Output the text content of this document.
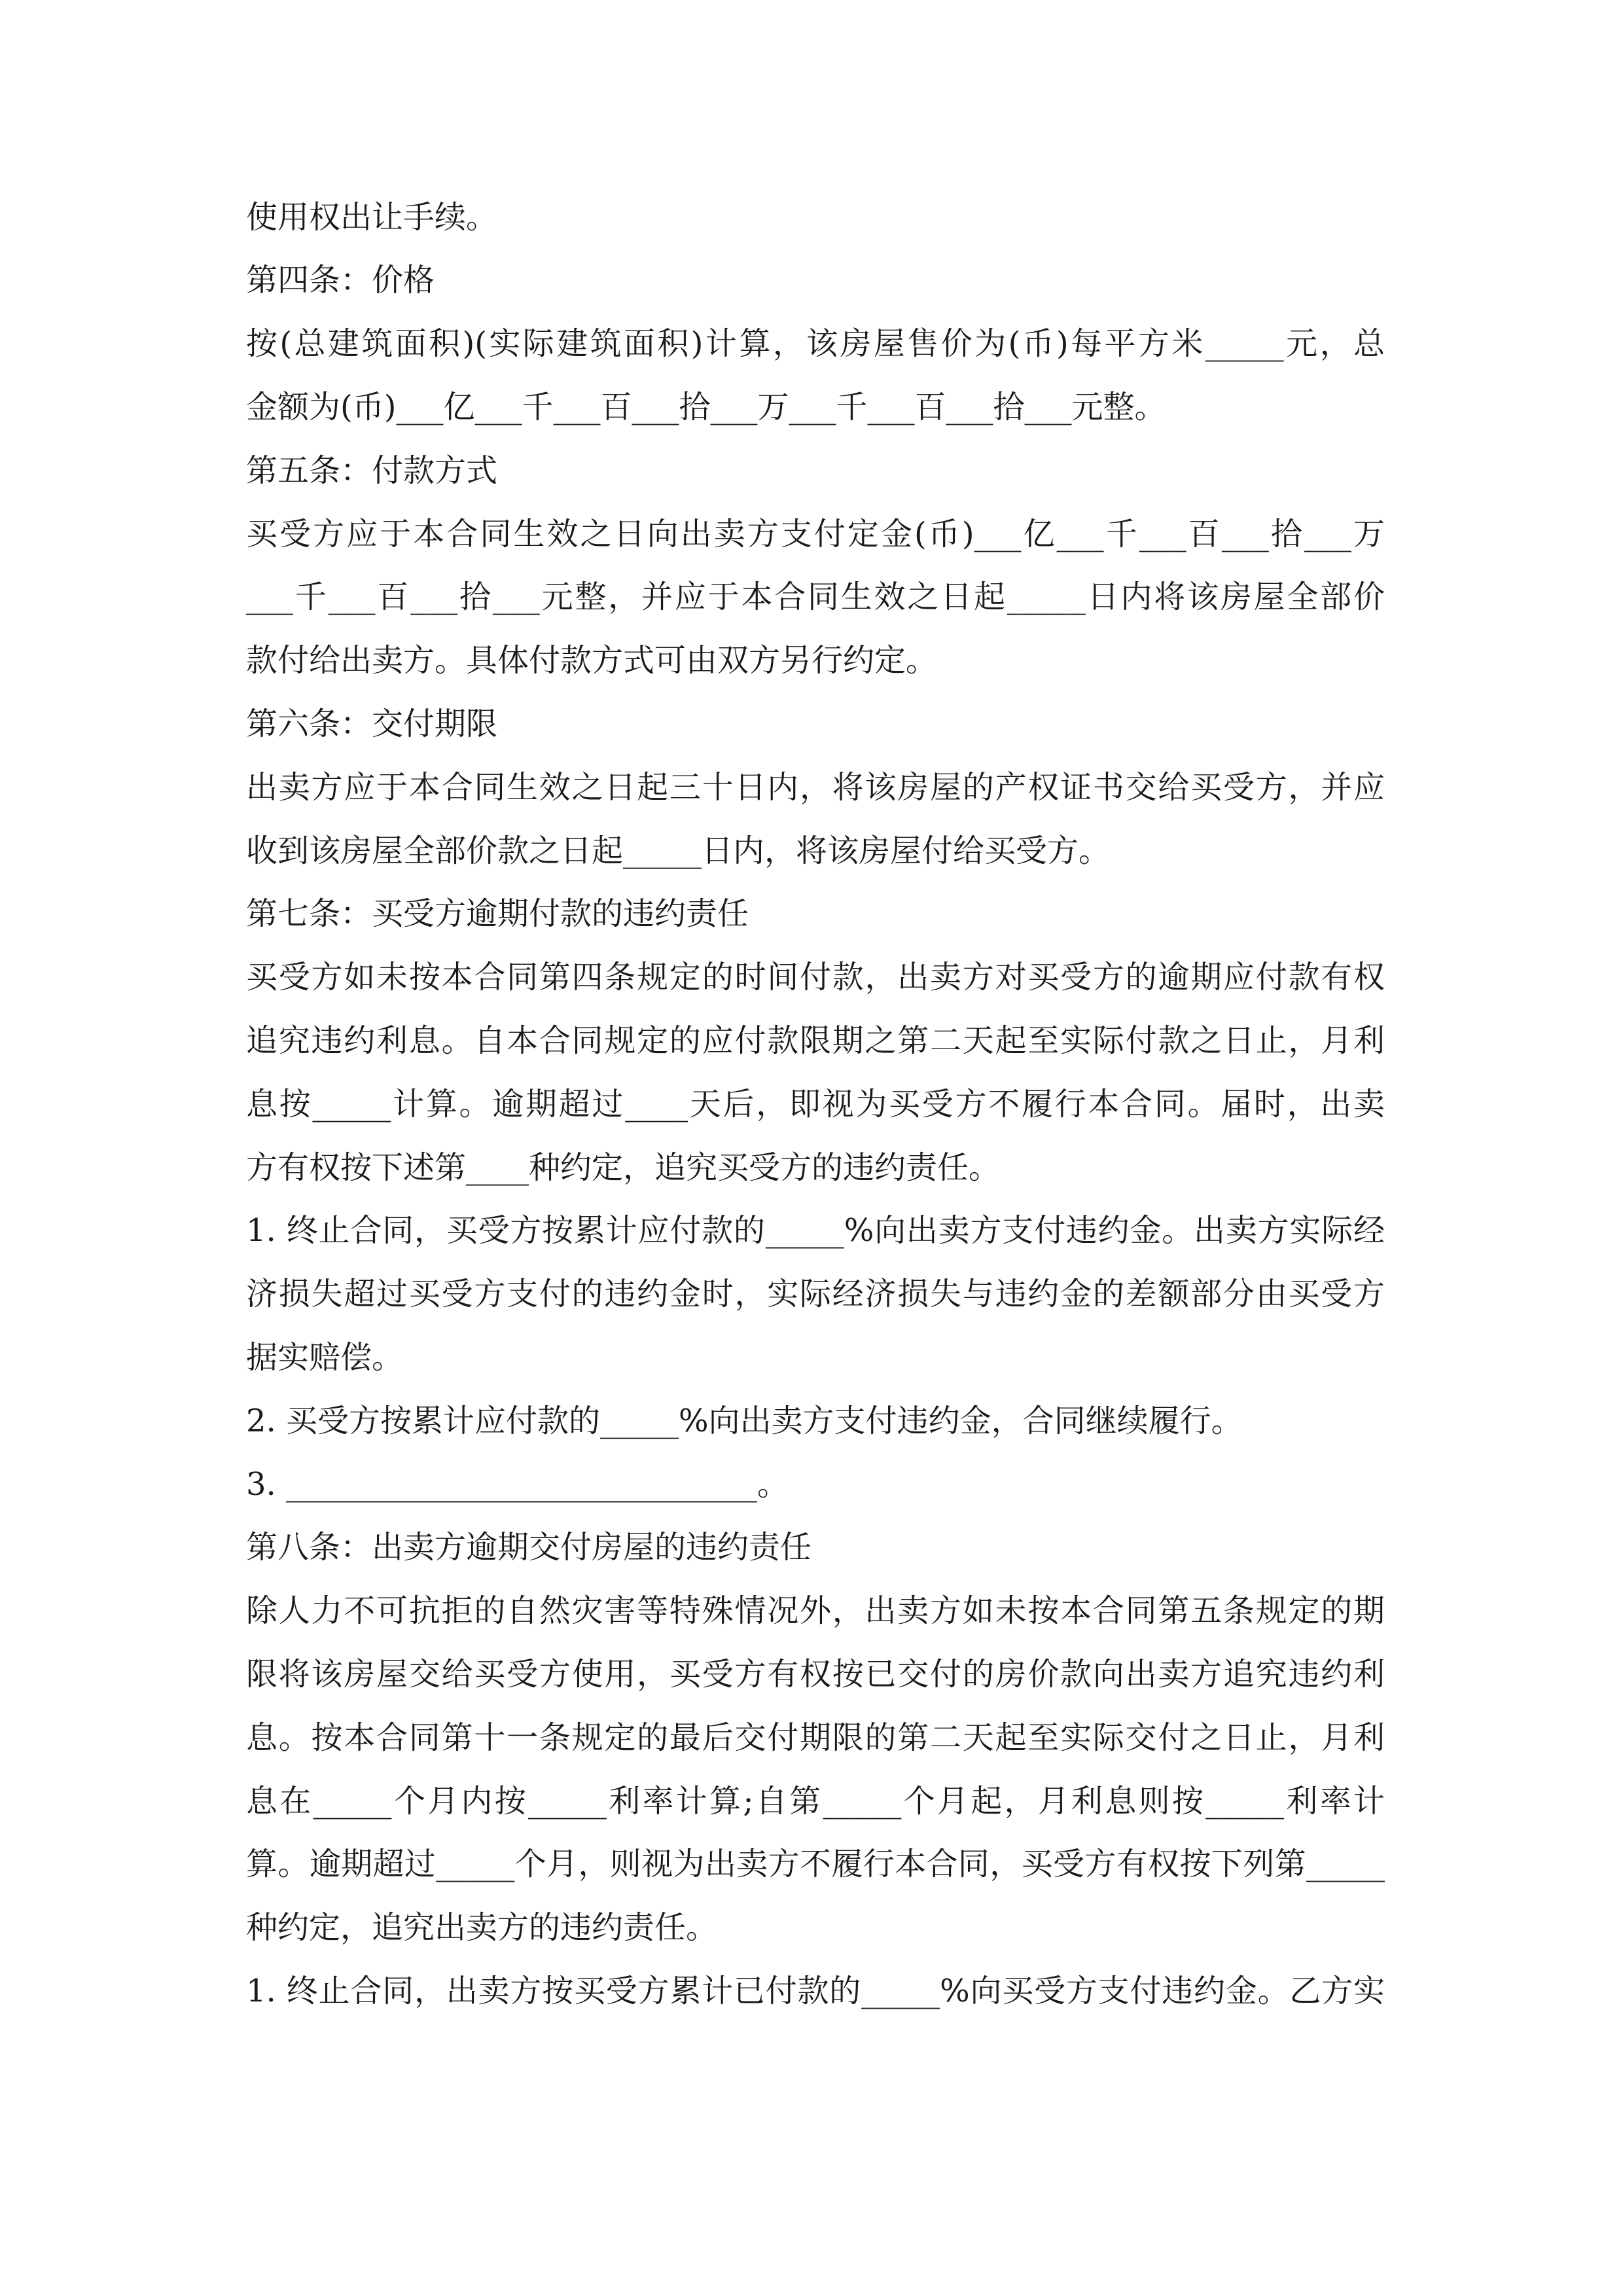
使用权出让手续。
第四条：价格
按(总建筑面积)(实际建筑面积)计算，该房屋售价为(币)每平方米_____元，总
金额为(币)___亿___千___百___拾___万___千___百___拾___元整。
第五条：付款方式
买受方应于本合同生效之日向出卖方支付定金(币)___亿___千___百___拾___万
___千___百___拾___元整，并应于本合同生效之日起_____日内将该房屋全部价
款付给出卖方。具体付款方式可由双方另行约定。
第六条：交付期限
出卖方应于本合同生效之日起三十日内，将该房屋的产权证书交给买受方，并应
收到该房屋全部价款之日起_____日内，将该房屋付给买受方。
第七条：买受方逾期付款的违约责任
买受方如未按本合同第四条规定的时间付款，出卖方对买受方的逾期应付款有权
追究违约利息。自本合同规定的应付款限期之第二天起至实际付款之日止，月利
息按_____计算。逾期超过____天后，即视为买受方不履行本合同。届时，出卖
方有权按下述第____种约定，追究买受方的违约责任。
1. 终止合同，买受方按累计应付款的_____%向出卖方支付违约金。出卖方实际经
济损失超过买受方支付的违约金时，实际经济损失与违约金的差额部分由买受方
据实赔偿。
2. 买受方按累计应付款的_____%向出卖方支付违约金，合同继续履行。
3. ______________________________。
第八条：出卖方逾期交付房屋的违约责任
除人力不可抗拒的自然灾害等特殊情况外，出卖方如未按本合同第五条规定的期
限将该房屋交给买受方使用，买受方有权按已交付的房价款向出卖方追究违约利
息。按本合同第十一条规定的最后交付期限的第二天起至实际交付之日止，月利
息在_____个月内按_____利率计算;自第_____个月起，月利息则按_____利率计
算。逾期超过_____个月，则视为出卖方不履行本合同，买受方有权按下列第_____
种约定，追究出卖方的违约责任。
1. 终止合同，出卖方按买受方累计已付款的_____%向买受方支付违约金。乙方实
